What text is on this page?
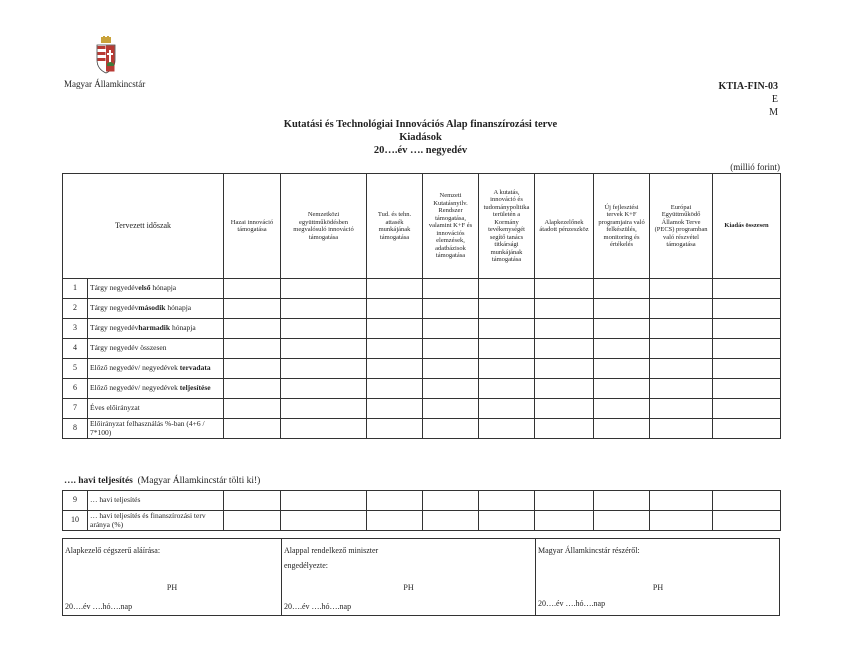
Magyar Államkincstár	KTIA-FIN-03
E
M
Kutatási és Technológiai Innovációs Alap finanszírozási terve
Kiadások
20….év …. negyedév
(millió forint)
Tervezett időszak		Hazai innováció támogatása	Nemzetközi együttműködésben megvalósuló innováció támogatása	Tud. és tehn. attasék munkájának támogatása	Nemzeti Kutatásnyilv. Rendszer támogatása, valamint K+F és innovációs elemzések, adatbázisok támogatása	A kutatás, innováció és tudománypolitika területén a Kormány tevékenységét segítő tanács titkársági munkájának támogatása	Alapkezelőnek átadott pénzeszköz	Új fejlesztési tervek K+F programjaira való felkészülés, monitoring és értékelés	Európai Együttműködő Államok Terve (PECS) programban való részvétel támogatása	Kiadás összesen
1	Tárgy negyedévelső hónapja									
2	Tárgy negyedévmásodik hónapja									
3	Tárgy negyedévharmadik hónapja									
4	Tárgy negyedév összesen									
5	Előző negyedév/ negyedévek tervadata									
6	Előző negyedév/ negyedévek teljesítése									
7	Éves előirányzat									
8	Előirányzat felhasználás %-ban (4+6 / 7*100)									
…. havi teljesítés (Magyar Államkincstár tölti ki!)
9	… havi teljesítés									
10	… havi teljesítés és finanszírozási terv aránya (%)									
Alapkezelő cégszerű aláírása:
PH
20….év ….hó….nap
Alappal rendelkező miniszter
engedélyezte:
PH
20….év ….hó….nap
Magyar Államkincstár részéről:
PH
20….év ….hó….nap
